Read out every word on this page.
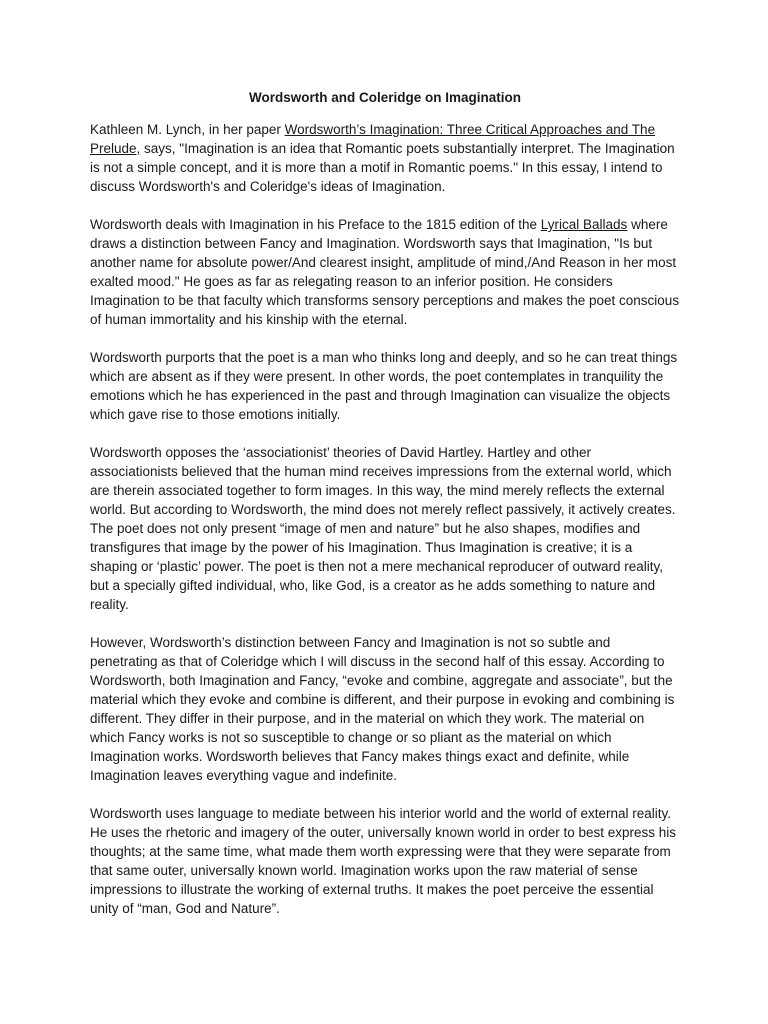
Wordsworth and Coleridge on Imagination

Kathleen M. Lynch, in her paper Wordsworth’s Imagination: Three Critical Approaches and The Prelude, says, "Imagination is an idea that Romantic poets substantially interpret. The Imagination is not a simple concept, and it is more than a motif in Romantic poems." In this essay, I intend to discuss Wordsworth's and Coleridge's ideas of Imagination.

Wordsworth deals with Imagination in his Preface to the 1815 edition of the Lyrical Ballads where draws a distinction between Fancy and Imagination. Wordsworth says that Imagination, "Is but another name for absolute power/And clearest insight, amplitude of mind,/And Reason in her most exalted mood." He goes as far as relegating reason to an inferior position. He considers Imagination to be that faculty which transforms sensory perceptions and makes the poet conscious of human immortality and his kinship with the eternal.

Wordsworth purports that the poet is a man who thinks long and deeply, and so he can treat things which are absent as if they were present. In other words, the poet contemplates in tranquility the emotions which he has experienced in the past and through Imagination can visualize the objects which gave rise to those emotions initially.

Wordsworth opposes the ‘associationist’ theories of David Hartley. Hartley and other associationists believed that the human mind receives impressions from the external world, which are therein associated together to form images. In this way, the mind merely reflects the external world. But according to Wordsworth, the mind does not merely reflect passively, it actively creates. The poet does not only present “image of men and nature” but he also shapes, modifies and transfigures that image by the power of his Imagination. Thus Imagination is creative; it is a shaping or ‘plastic’ power. The poet is then not a mere mechanical reproducer of outward reality, but a specially gifted individual, who, like God, is a creator as he adds something to nature and reality.

However, Wordsworth’s distinction between Fancy and Imagination is not so subtle and penetrating as that of Coleridge which I will discuss in the second half of this essay. According to Wordsworth, both Imagination and Fancy, “evoke and combine, aggregate and associate”, but the material which they evoke and combine is different, and their purpose in evoking and combining is different. They differ in their purpose, and in the material on which they work. The material on which Fancy works is not so susceptible to change or so pliant as the material on which Imagination works. Wordsworth believes that Fancy makes things exact and definite, while Imagination leaves everything vague and indefinite.

Wordsworth uses language to mediate between his interior world and the world of external reality. He uses the rhetoric and imagery of the outer, universally known world in order to best express his thoughts; at the same time, what made them worth expressing were that they were separate from that same outer, universally known world. Imagination works upon the raw material of sense impressions to illustrate the working of external truths. It makes the poet perceive the essential unity of “man, God and Nature”.
